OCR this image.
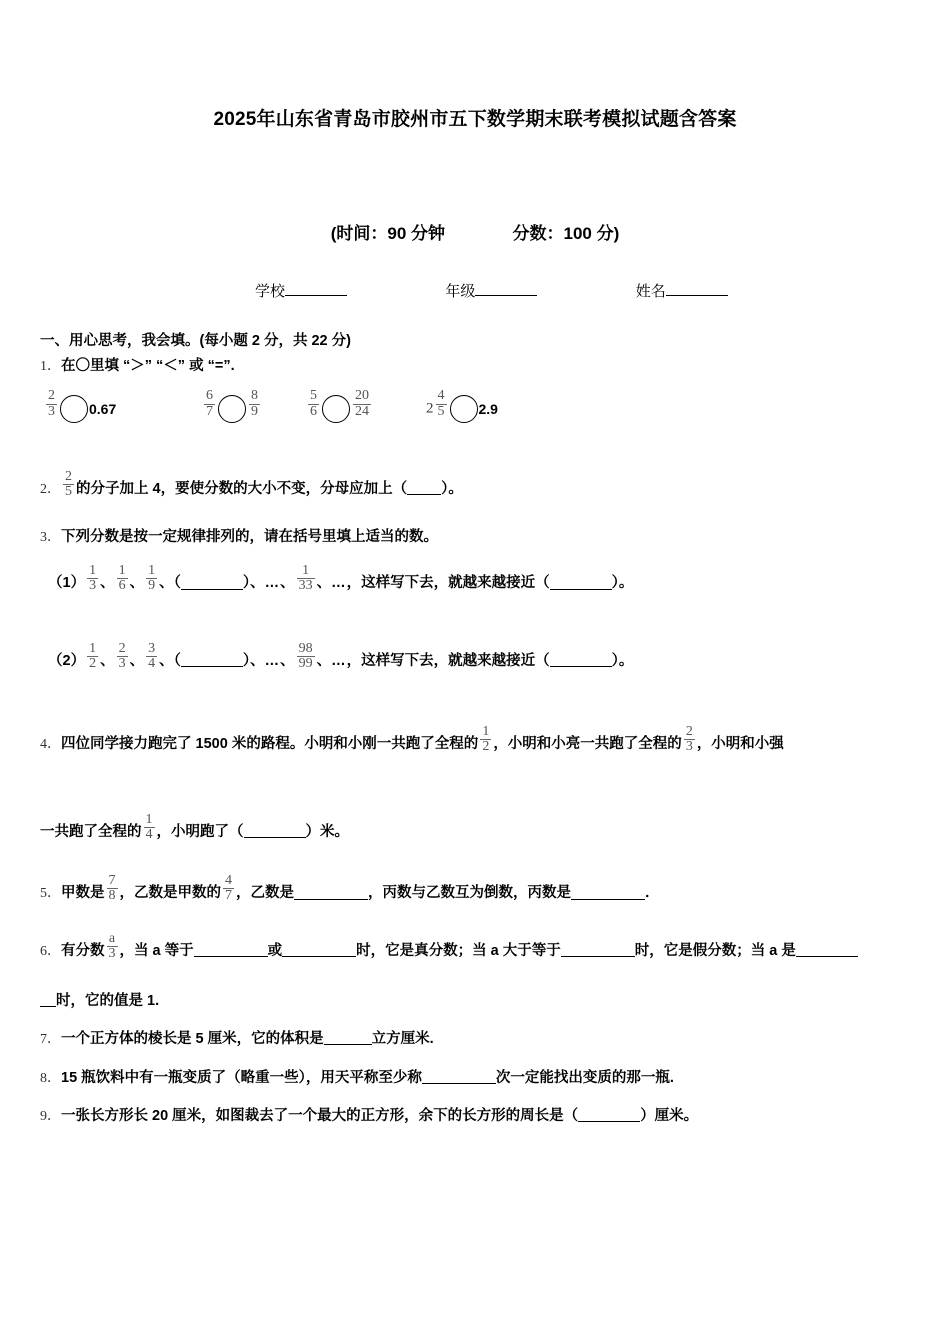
2025年山东省青岛市胶州市五下数学期末联考模拟试题含答案
(时间：90 分钟	分数：100 分)
学校	年级	姓名
一、用心思考，我会填。(每小题 2 分，共 22 分)
1．在〇里填 “＞” “＜” 或 “=”.
$\frac{2}{3} 0.67$	$\frac{6}{7} \frac{8}{9}$	$\frac{5}{6} \frac{20}{24}$	$2 \frac{4}{5} 2.9$
2． $\frac{2}{5}$ 的分子加上 4，要使分数的大小不变，分母应加上（ ）。
3．下列分数是按一定规律排列的，请在括号里填上适当的数。
$(1) \frac{1}{3}$ 、 $\frac{1}{6}$ 、 $\frac{1}{9}$ 、（	）、…、 $\frac{1}{33}$ 、…，这样写下去，就越来越接近（	）。
$(2) \frac{1}{2}$ 、 $\frac{2}{3}$ 、 $\frac{3}{4}$ 、（	）、…、 $\frac{98}{99}$ 、…，这样写下去，就越来越接近（	）。
4．四位同学接力跑完了 1500 米的路程。小明和小刚一共跑了全程的 $\frac{1}{2}$ ，小明和小亮一共跑了全程的 $\frac{2}{3}$ ，小明和小强
一共跑了全程的 $\frac{1}{4}$ ，小明跑了（	）米。
5．甲数是 $\frac{7}{8}$ ，乙数是甲数的 $\frac{4}{7}$ ，乙数是	，丙数与乙数互为倒数，丙数是	．
6．有分数 $\frac{a}{3}$ ，当 a 等于	或	时，它是真分数；当 a 大于等于	时，它是假分数；当 a 是
时，它的值是 1.
7．一个正方体的棱长是 5 厘米，它的体积是	立方厘米.
8．15 瓶饮料中有一瓶变质了（略重一些），用天平称至少称	次一定能找出变质的那一瓶.
9．一张长方形长 20 厘米，如图裁去了一个最大的正方形，余下的长方形的周长是（	）厘米。
